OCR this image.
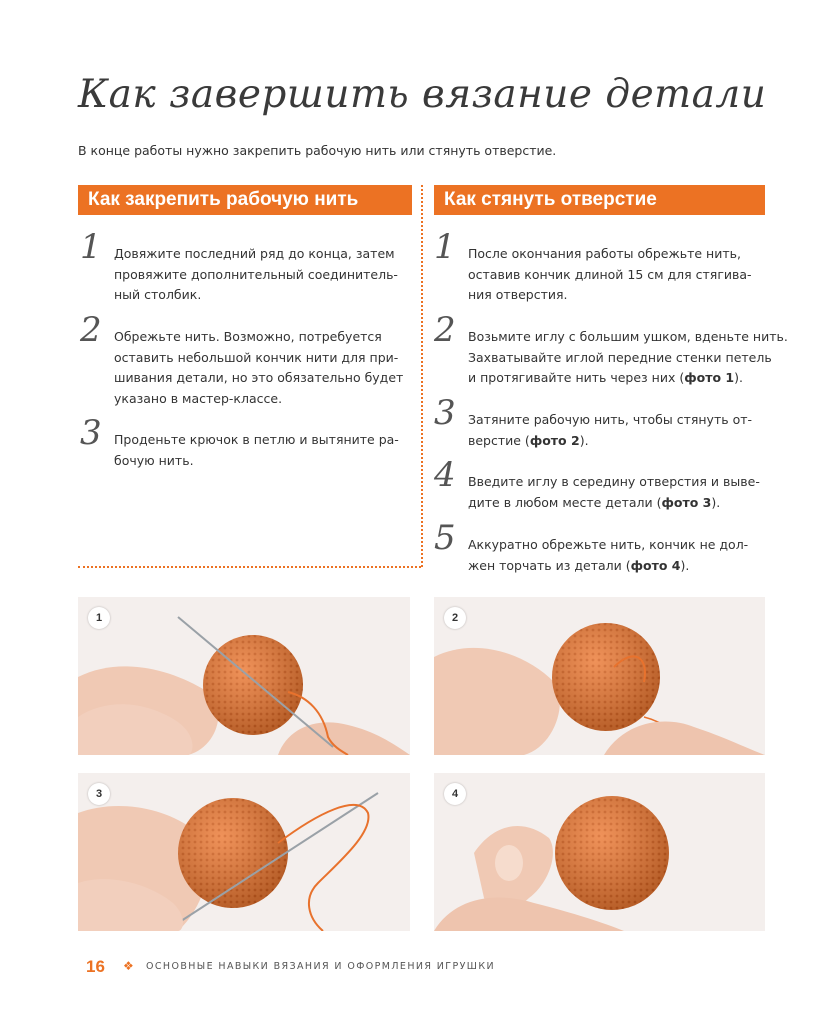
Как завершить вязание детали
В конце работы нужно закрепить рабочую нить или стянуть отверстие.
Как закрепить рабочую нить	Как стянуть отверстие
1 Довяжите последний ряд до конца, затем
провяжите дополнительный соединитель-
ный столбик.
2 Обрежьте нить. Возможно, потребуется
оставить небольшой кончик нити для при-
шивания детали, но это обязательно будет
указано в мастер-классе.
3 Проденьте крючок в петлю и вытяните ра-
бочую нить.
1 После окончания работы обрежьте нить,
оставив кончик длиной 15 см для стягива-
ния отверстия.
2 Возьмите иглу с большим ушком, вденьте нить.
Захватывайте иглой передние стенки петель
и протягивайте нить через них (фото 1).
3 Затяните рабочую нить, чтобы стянуть от-
верстие (фото 2).
4 Введите иглу в середину отверстия и выве-
дите в любом месте детали (фото 3).
5 Аккуратно обрежьте нить, кончик не дол-
жен торчать из детали (фото 4).
1	2
3	4
16 ❖ ОСНОВНЫЕ НАВЫКИ ВЯЗАНИЯ И ОФОРМЛЕНИЯ ИГРУШКИ
